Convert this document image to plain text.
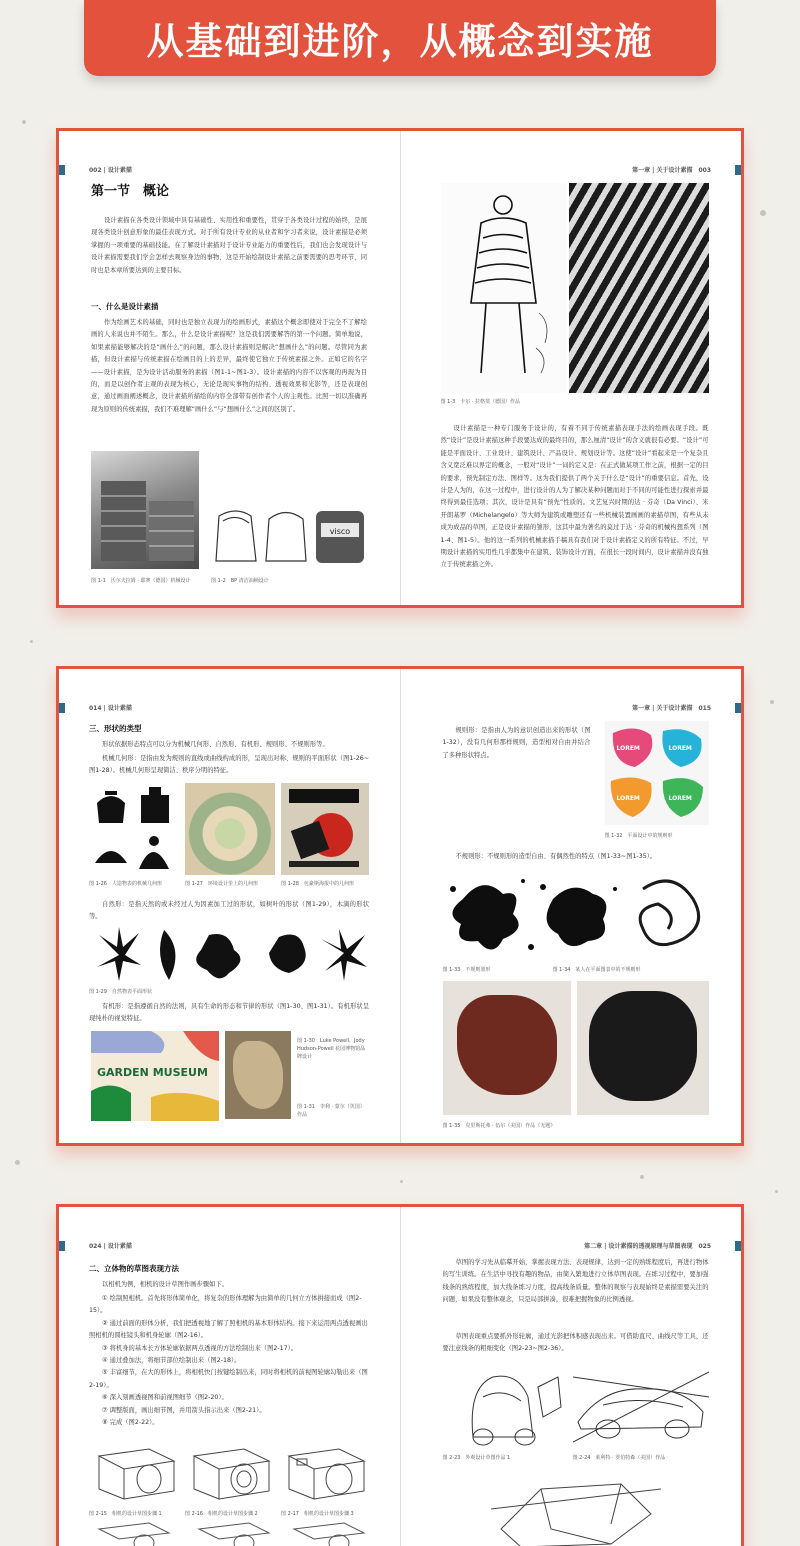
从基础到进阶，从概念到实施
002 | 设计素描
第一节　概论
设计素描在各类设计领域中具有基础性、实用性和重要性，贯穿于各类设计过程的始终，是展现各类设计创意形象的最佳表现方式。对于所有设计专业的从业者和学习者来说，设计素描是必须掌握的一项重要的基础技能。在了解设计素描对于设计专业能力的重要性后，我们也会发现设计与设计素描需要我们学会怎样去观察身边的事物，这是开始绘制设计素描之前要需要的思考环节，同时也是本章所要达到的主要目标。
一、什么是设计素描
作为绘画艺术的基础，同时也是独立表现力的绘画形式，素描这个概念即使对于完全不了解绘画的人来说也并不陌生。那么，什么是设计素描呢？这是我们需要解答的第一个问题。简单地说，如果素描能够解决的是“画什么”的问题，那么设计素描则是解决“想画什么”的问题。尽管同为素描，但设计素描与传统素描在绘画目的上的差异，最终使它独立于传统素描之外。正如它的名字——设计素描，是为设计活动服务的素描（图1-1~图1-3）。设计素描的内容不以客观的再现为目的，而是以创作者主观的表现为核心，无论是现实事物的结构、透视效果和光影等，还是表现创意，通过画面阐述概念，设计素描所描绘的内容全部带有创作者个人的主观性。比照一切以准确再现为原则的传统素描，我们不难理解“画什么”与“想画什么”之间的区别了。
图 1-1　沃尔夫拉姆 · 耶赛（德国）机械设计
visco
图 1-2　BP 清洁油桶设计
第一章 | 关于设计素描　003
图 1-3　卡尔 · 拉格斐（德国）作品
设计素描是一种专门服务于设计的，有着不同于传统素描表现手法的绘画表现手段。既然“设计”是设计素描这种手段要达成的最终目的，那么厘清“设计”的含义就很有必要。“设计”可能是平面设计、工业设计、建筑设计、产品设计、规划设计等。这使“设计”看起来是一个复杂且含义宽泛难以界定的概念，一般对“设计”一词的定义是：在正式做某项工作之前，根据一定的目的要求，预先制定方法、图样等。这为我们提供了两个关于什么是“设计”的重要信息。首先，设计是人为的，在这一过程中，进行设计的人为了解决某种问题而对于不同的可能性进行探索并最终得到最佳选项；其次，设计是具有“预先”性质的。文艺复兴时期的达 · 芬奇（Da Vinci）、米开朗基罗（Michelangelo）等大师为建筑或雕塑还有一些机械装置画画的素描草图，有些从未成为成品的草图，正是设计素描的雏形，这其中最为著名的莫过于达 · 芬奇的机械构想系列（图1-4、图1-5）。他的这一系列的机械素描手稿具有我们对于设计素描定义的所有特征。不过，早期设计素描的实用性几乎都集中在建筑、装饰设计方面，在很长一段时间内，设计素描并没有独立于传统素描之外。
014 | 设计素描
三、形状的类型
形状依据形态特点可以分为机械几何形、自然形、有机形、规则形、不规则形等。
机械几何形：是指由发为规则的直线或曲线构成的形，呈现出对称、规则的平面形状（图1-26~图1-28）。机械几何形呈现简洁、秩序分明的特征。
图 1-26　人造物表的机械几何形	图 1-27　环境设计里上的几何形	图 1-28　包豪斯海报中的几何形
自然形：是指天然的或未经过人为因素加工过的形状，如树叶的形状（图1-29），木滴的形状等。
图 1-29　自然物表平面形状
有机形：是指遵循自然的法则，具有生命的形态和节律的形状（图1-30、图1-31）。有机形状呈现纯朴的视觉特征。
GARDEN MUSEUM
图 1-30　Luke Powell、Jody Hudson-Powell 花园博物馆品牌设计
图 1-31　李利 · 蒙尔（英国）作品
第一章 | 关于设计素描　015
规则形：是指由人为的意识创造出来的形状（图1-32），没有几何形那样规则，造型相对自由并结合了多种形状特点。
LOREM	LOREM
LOREM	LOREM
图 1-32　平面设计中的规则形
不规则形：不规则形的造型自由、有偶然性的特点（图1-33~图1-35）。
图 1-33　不规则墨形	图 1-34　某人在平面图表中的不规则形
图 1-35　克里斯托弗 · 伍尔（美国）作品《无题》
024 | 设计素描
二、立体物的草图表现方法
以相机为例，相机的设计草图作画步骤如下。
① 绘制照相机。首先将形体简单化，将复杂的形体理解为由简单的几何立方体拼接而成（图2-15）。
② 通过前面的形体分析，我们把透视地了解了照相机的基本形体结构。接下来运用两点透视画出照相机的圆柱镜头和机身轮廓（图2-16）。
③ 将机身的基本长方体轮廓依据两点透视的方法绘制出来（图2-17）。
④ 通过叠加法，将细节部位绘制出来（图2-18）。
⑤ 丰富细节，在大的形体上，将相机快门按键绘制出来，同时将相机的前视图轮廓勾勒出来（图2-19）。
⑥ 深入刻画透视图和前视图细节（图2-20）。
⑦ 调整版面，画出细节图，并用箭头指示出来（图2-21）。
⑧ 完成（图2-22）。
图 2-15　相机的设计草图步骤 1	图 2-16　相机的设计草图步骤 2	图 2-17　相机的设计草图步骤 3
第二章 | 设计素描的透视原理与草图表现　025
草图的学习先从临摹开始，掌握表现方法、表现规律，达到一定的熟练程度后，再进行物体的写生训练。在生活中寻找有趣的物品，由简入繁地进行立体草图表现。在练习过程中，要加强线条的熟练程度，加大线条练习力度，提高线条质量。整体的观察与表现始终是素描需要关注的问题，如果没有整体观念，只是局部拼凑，很难把握物象的比例透视。
草图表现重点要抓外形轮廓，通过光影把体积感表现出来。可借助直尺、曲线尺等工具，还要注意线条的粗细变化（图2-23~图2-36）。
图 2-23　外观设计草图作品 1	图 2-24　莱利特 · 罗伯特森（美国）作品
